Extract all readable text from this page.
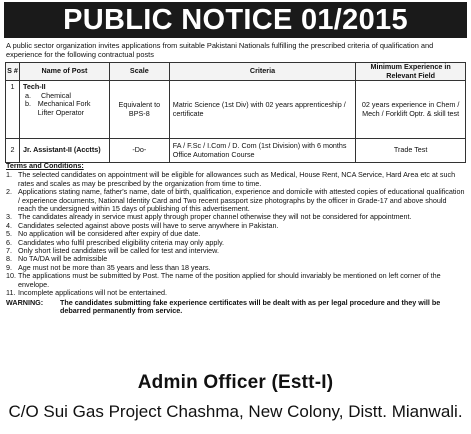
PUBLIC NOTICE 01/2015

A public sector organization invites applications from suitable Pakistani Nationals fulfilling the prescribed criteria of qualification and experience for the following contractual posts

S #	Name of Post	Scale	Criteria	Minimum Experience in Relevant Field
1	Tech-II
a. Chemical
b. Mechanical Fork Lifter Operator	Equivalent to BPS-8	Matric Science (1st Div) with 02 years apprenticeship / certificate	02 years experience in Chem / Mech / Forklift Optr. & skill test
2	Jr. Assistant-II (Acctts)	-Do-	FA / F.Sc / I.Com / D. Com (1st Division) with 6 months Office Automation Course	Trade Test
Terms and Conditions:
1. The selected candidates on appointment will be eligible for allowances such as Medical, House Rent, NCA Service, Hard Area etc at such rates and scales as may be prescribed by the organization from time to time.
2. Applications stating name, father's name, date of birth, qualification, experience and domicile with attested copies of educational qualification / experience documents, National Identity Card and Two recent passport size photographs by the officer in Grade-17 and above should reach the undersigned within 15 days of publishing of this advertisement.
3. The candidates already in service must apply through proper channel otherwise they will not be considered for appointment.
4. Candidates selected against above posts will have to serve anywhere in Pakistan.
5. No application will be considered after expiry of due date.
6. Candidates who fulfil prescribed eligibility criteria may only apply.
7. Only short listed candidates will be called for test and interview.
8. No TA/DA will be admissible
9. Age must not be more than 35 years and less than 18 years.
10. The applications must be submitted by Post. The name of the position applied for should invariably be mentioned on left corner of the envelope.
11. Incomplete applications will not be entertained.
WARNING:	The candidates submitting fake experience certificates will be dealt with as per legal procedure and they will be debarred permanently from service.
Admin Officer (Estt-I)
C/O Sui Gas Project Chashma, New Colony, Distt. Mianwali.
